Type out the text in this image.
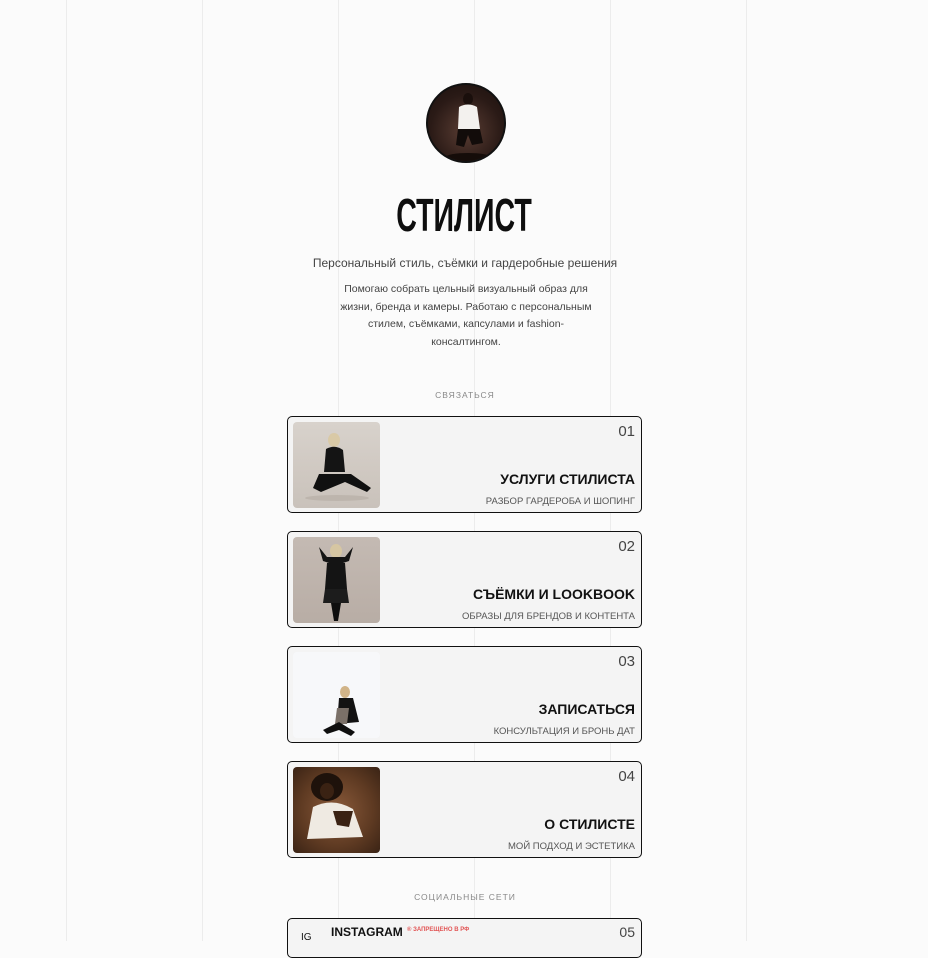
СТИЛИСТ
Персональный стиль, съёмки и гардеробные решения
Помогаю собрать цельный визуальный образ для жизни, бренда и камеры. Работаю с персональным стилем, съёмками, капсулами и fashion-консалтингом.
СВЯЗАТЬСЯ
01
УСЛУГИ СТИЛИСТА
РАЗБОР ГАРДЕРОБА И ШОПИНГ
02
СЪЁМКИ И LOOKBOOK
ОБРАЗЫ ДЛЯ БРЕНДОВ И КОНТЕНТА
03
ЗАПИСАТЬСЯ
КОНСУЛЬТАЦИЯ И БРОНЬ ДАТ
04
О СТИЛИСТЕ
МОЙ ПОДХОД И ЭСТЕТИКА
СОЦИАЛЬНЫЕ СЕТИ
IG INSTAGRAM ® ЗАПРЕЩЕНО В РФ	05
